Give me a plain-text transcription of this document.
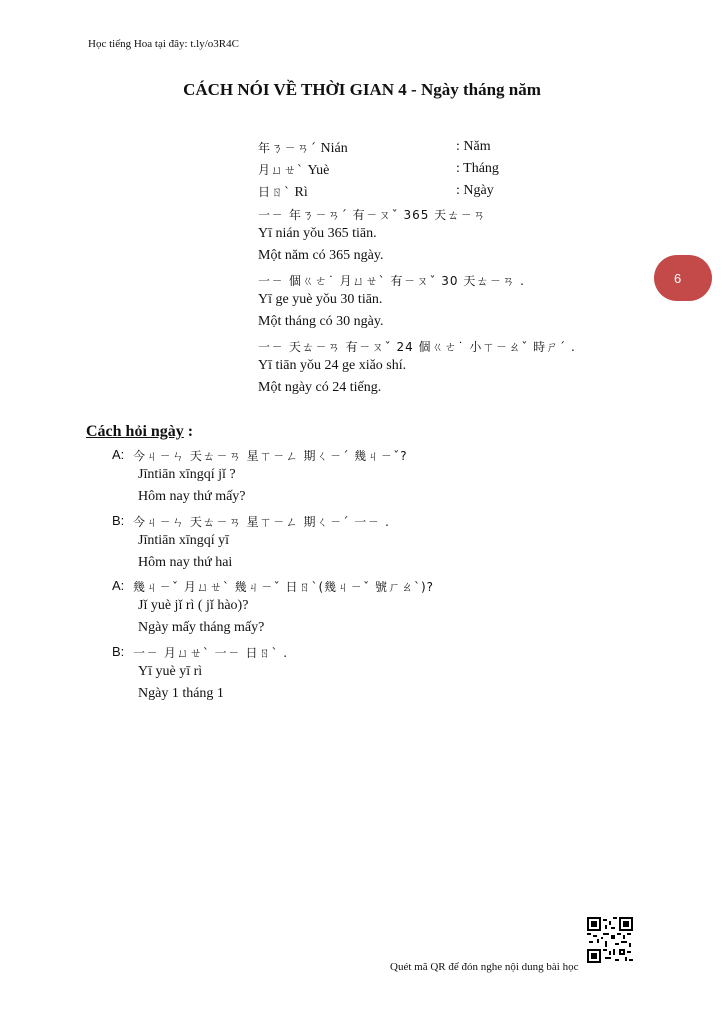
Học tiếng Hoa tại đây: t.ly/o3R4C
CÁCH NÓI VỀ THỜI GIAN 4 - Ngày tháng năm
6
年ㄋㄧㄢˊ Nián	: Năm
月ㄩㄝˋ Yuè	: Tháng
日ㄖˋ Rì	: Ngày
一ㄧ 年ㄋㄧㄢˊ 有ㄧㄡˇ 365 天ㄊㄧㄢ
Yī nián yǒu 365 tiān.
Một năm có 365 ngày.
一ㄧ 個ㄍㄜ˙ 月ㄩㄝˋ 有ㄧㄡˇ 30 天ㄊㄧㄢ .
Yī ge yuè yǒu 30 tiān.
Một tháng có 30 ngày.
一ㄧ 天ㄊㄧㄢ 有ㄧㄡˇ 24 個ㄍㄜ˙ 小ㄒㄧㄠˇ 時ㄕˊ .
Yī tiān yǒu 24 ge xiǎo shí.
Một ngày có 24 tiếng.
Cách hỏi ngày :
A: 今ㄐㄧㄣ 天ㄊㄧㄢ 星ㄒㄧㄥ 期ㄑㄧˊ 幾ㄐㄧˇ?
Jīntiān xīngqí jǐ ?
Hôm nay thứ mấy?
B: 今ㄐㄧㄣ 天ㄊㄧㄢ 星ㄒㄧㄥ 期ㄑㄧˊ 一ㄧ .
Jīntiān xīngqí yī
Hôm nay thứ hai
A: 幾ㄐㄧˇ 月ㄩㄝˋ 幾ㄐㄧˇ 日ㄖˋ(幾ㄐㄧˇ 號ㄏㄠˋ)?
Jǐ yuè jǐ rì ( jǐ hào)?
Ngày mấy tháng mấy?
B: 一ㄧ 月ㄩㄝˋ 一ㄧ 日ㄖˋ .
Yī yuè yī rì
Ngày 1 tháng 1
Quét mã QR để đón nghe nội dung bài học
